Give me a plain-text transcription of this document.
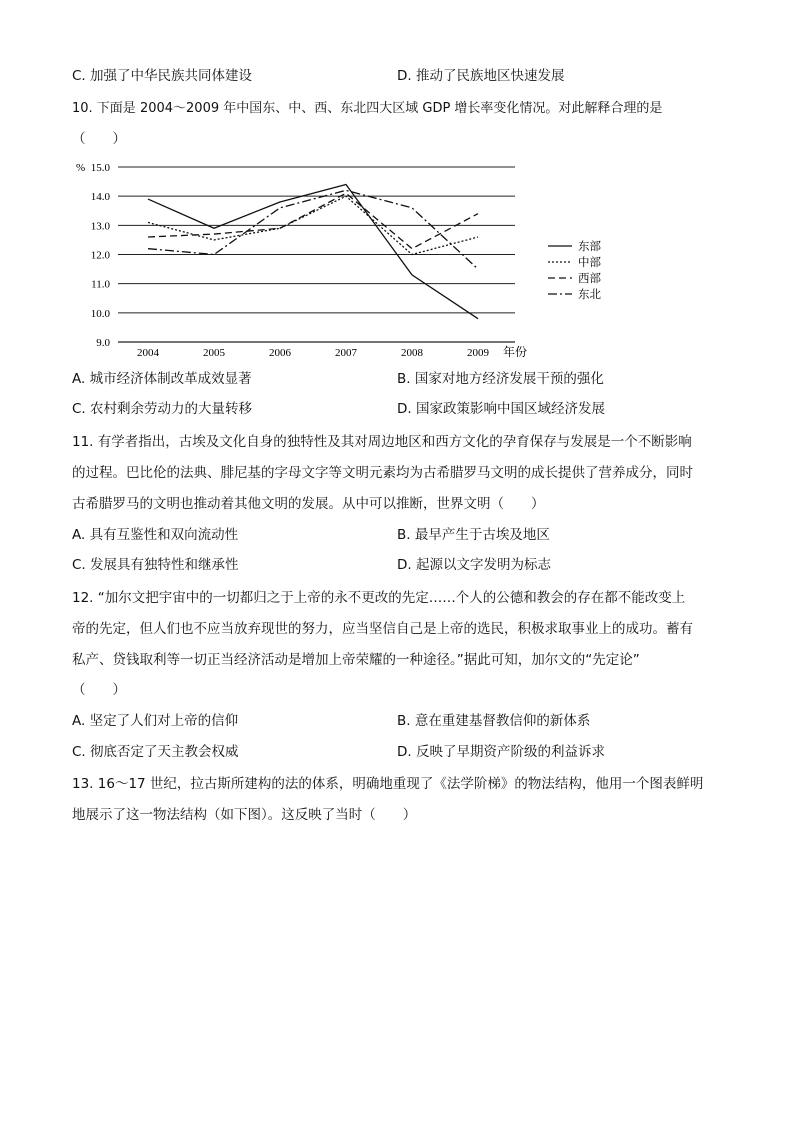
C. 加强了中华民族共同体建设	D. 推动了民族地区快速发展
10. 下面是 2004～2009 年中国东、中、西、东北四大区域 GDP 增长率变化情况。对此解释合理的是
（　　）
15.0
14.0
13.0
12.0
11.0
10.0
9.0
2004	2005	2006	2007	2008	2009
东部
中部
西部
东北
%
年份
A. 城市经济体制改革成效显著	B. 国家对地方经济发展干预的强化
C. 农村剩余劳动力的大量转移	D. 国家政策影响中国区域经济发展
11. 有学者指出，古埃及文化自身的独特性及其对周边地区和西方文化的孕育保存与发展是一个不断影响
的过程。巴比伦的法典、腓尼基的字母文字等文明元素均为古希腊罗马文明的成长提供了营养成分，同时
古希腊罗马的文明也推动着其他文明的发展。从中可以推断，世界文明（　　）
A. 具有互鉴性和双向流动性	B. 最早产生于古埃及地区
C. 发展具有独特性和继承性	D. 起源以文字发明为标志
12. “加尔文把宇宙中的一切都归之于上帝的永不更改的先定……个人的公德和教会的存在都不能改变上
帝的先定，但人们也不应当放弃现世的努力，应当坚信自己是上帝的选民，积极求取事业上的成功。蓄有
私产、贷钱取利等一切正当经济活动是增加上帝荣耀的一种途径。”据此可知，加尔文的“先定论”
（　　）
A. 坚定了人们对上帝的信仰	B. 意在重建基督教信仰的新体系
C. 彻底否定了天主教会权威	D. 反映了早期资产阶级的利益诉求
13. 16～17 世纪，拉古斯所建构的法的体系，明确地重现了《法学阶梯》的物法结构，他用一个图表鲜明
地展示了这一物法结构（如下图）。这反映了当时（　　）
